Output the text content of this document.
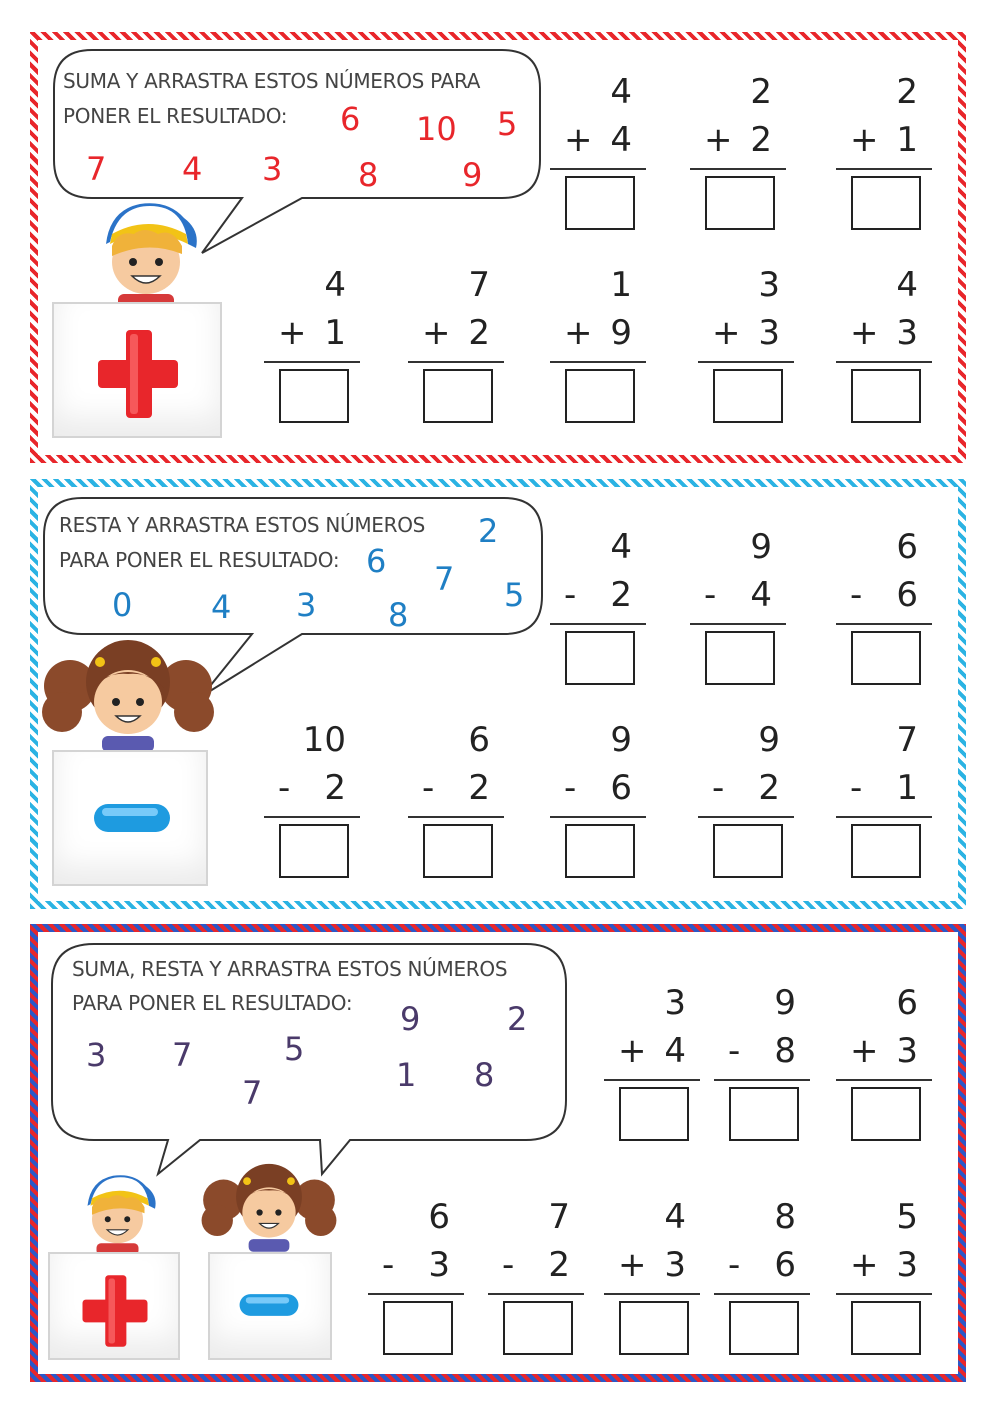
SUMA Y ARRASTRA ESTOS NÚMEROS PARA
PONER EL RESULTADO: 6 10 5
7 4 3 8	9
4
+ 4
2
+ 2
2
+ 1
4
+ 1
7
+ 2
1
+ 9
3
+ 3
4
+ 3
RESTA Y ARRASTRA ESTOS NÚMEROS
PARA PONER EL RESULTADO:
2
6 7 5
0 4 3 8
4
- 2
9
- 4
6
- 6
10
- 2
6
- 2
9
- 6
9
- 2
7
- 1
SUMA, RESTA Y ARRASTRA ESTOS NÚMEROS
PARA PONER EL RESULTADO: 9	2
3 7	5
7	1 8
3
+ 4
9
- 8
6
+ 3
6
- 3
7
- 2
4
+ 3
8
- 6
5
+ 3
